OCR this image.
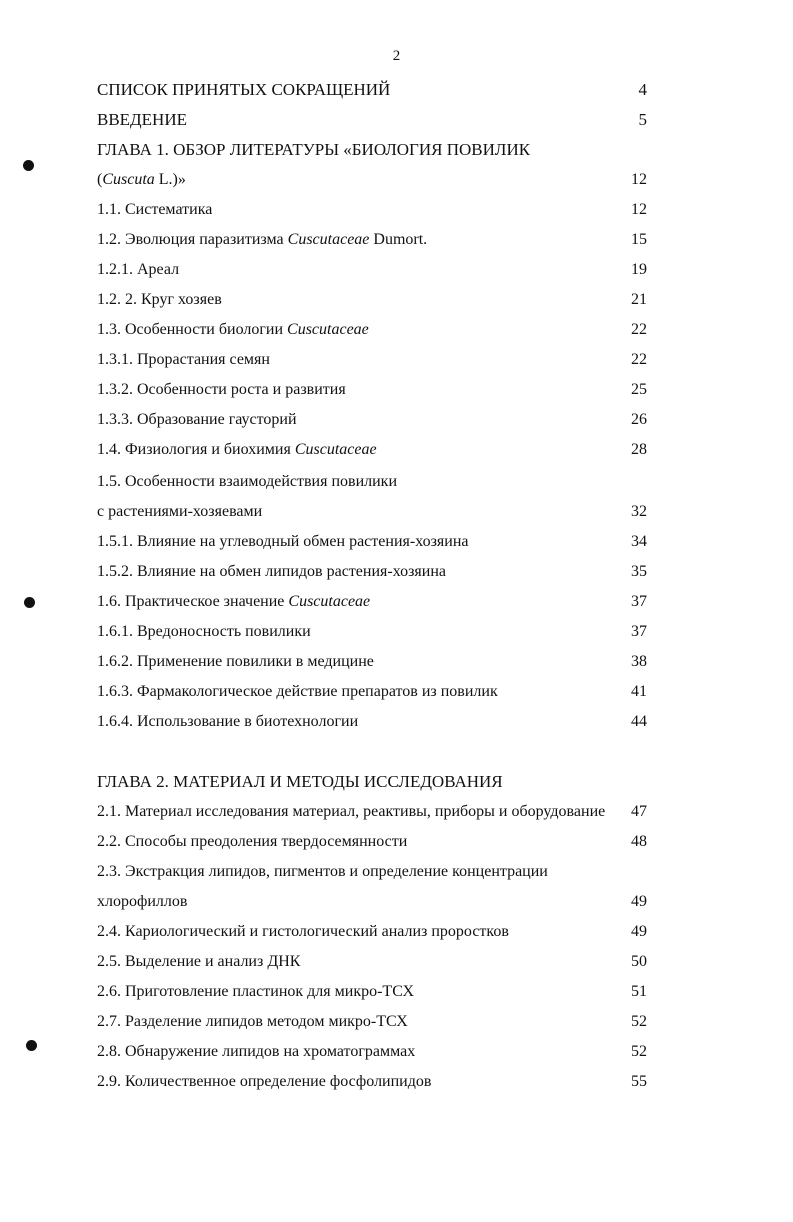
2
СПИСОК ПРИНЯТЫХ СОКРАЩЕНИЙ	4
ВВЕДЕНИЕ	5
ГЛАВА 1. ОБЗОР ЛИТЕРАТУРЫ «БИОЛОГИЯ ПОВИЛИК
(Cuscuta L.)»	12
1.1. Систематика	12
1.2. Эволюция паразитизма Cuscutaceae Dumort.	15
1.2.1. Ареал	19
1.2. 2. Круг хозяев	21
1.3. Особенности биологии Cuscutaceae	22
1.3.1. Прорастания семян	22
1.3.2. Особенности роста и развития	25
1.3.3. Образование гаусторий	26
1.4. Физиология и биохимия Cuscutaceae	28
1.5. Особенности взаимодействия повилики
с растениями-хозяевами	32
1.5.1. Влияние на углеводный обмен растения-хозяина	34
1.5.2. Влияние на обмен липидов растения-хозяина	35
1.6. Практическое значение Cuscutaceae	37
1.6.1. Вредоносность повилики	37
1.6.2. Применение повилики в медицине	38
1.6.3. Фармакологическое действие препаратов из повилик	41
1.6.4. Использование в биотехнологии	44
ГЛАВА 2. МАТЕРИАЛ И МЕТОДЫ ИССЛЕДОВАНИЯ
2.1. Материал исследования материал, реактивы, приборы и оборудование 47
2.2. Способы преодоления твердосемянности	48
2.3. Экстракция липидов, пигментов и определение концентрации
хлорофиллов	49
2.4. Кариологический и гистологический анализ проростков	49
2.5. Выделение и анализ ДНК	50
2.6. Приготовление пластинок для микро-ТСХ	51
2.7. Разделение липидов методом микро-ТСХ	52
2.8. Обнаружение липидов на хроматограммах	52
2.9. Количественное определение фосфолипидов	55
